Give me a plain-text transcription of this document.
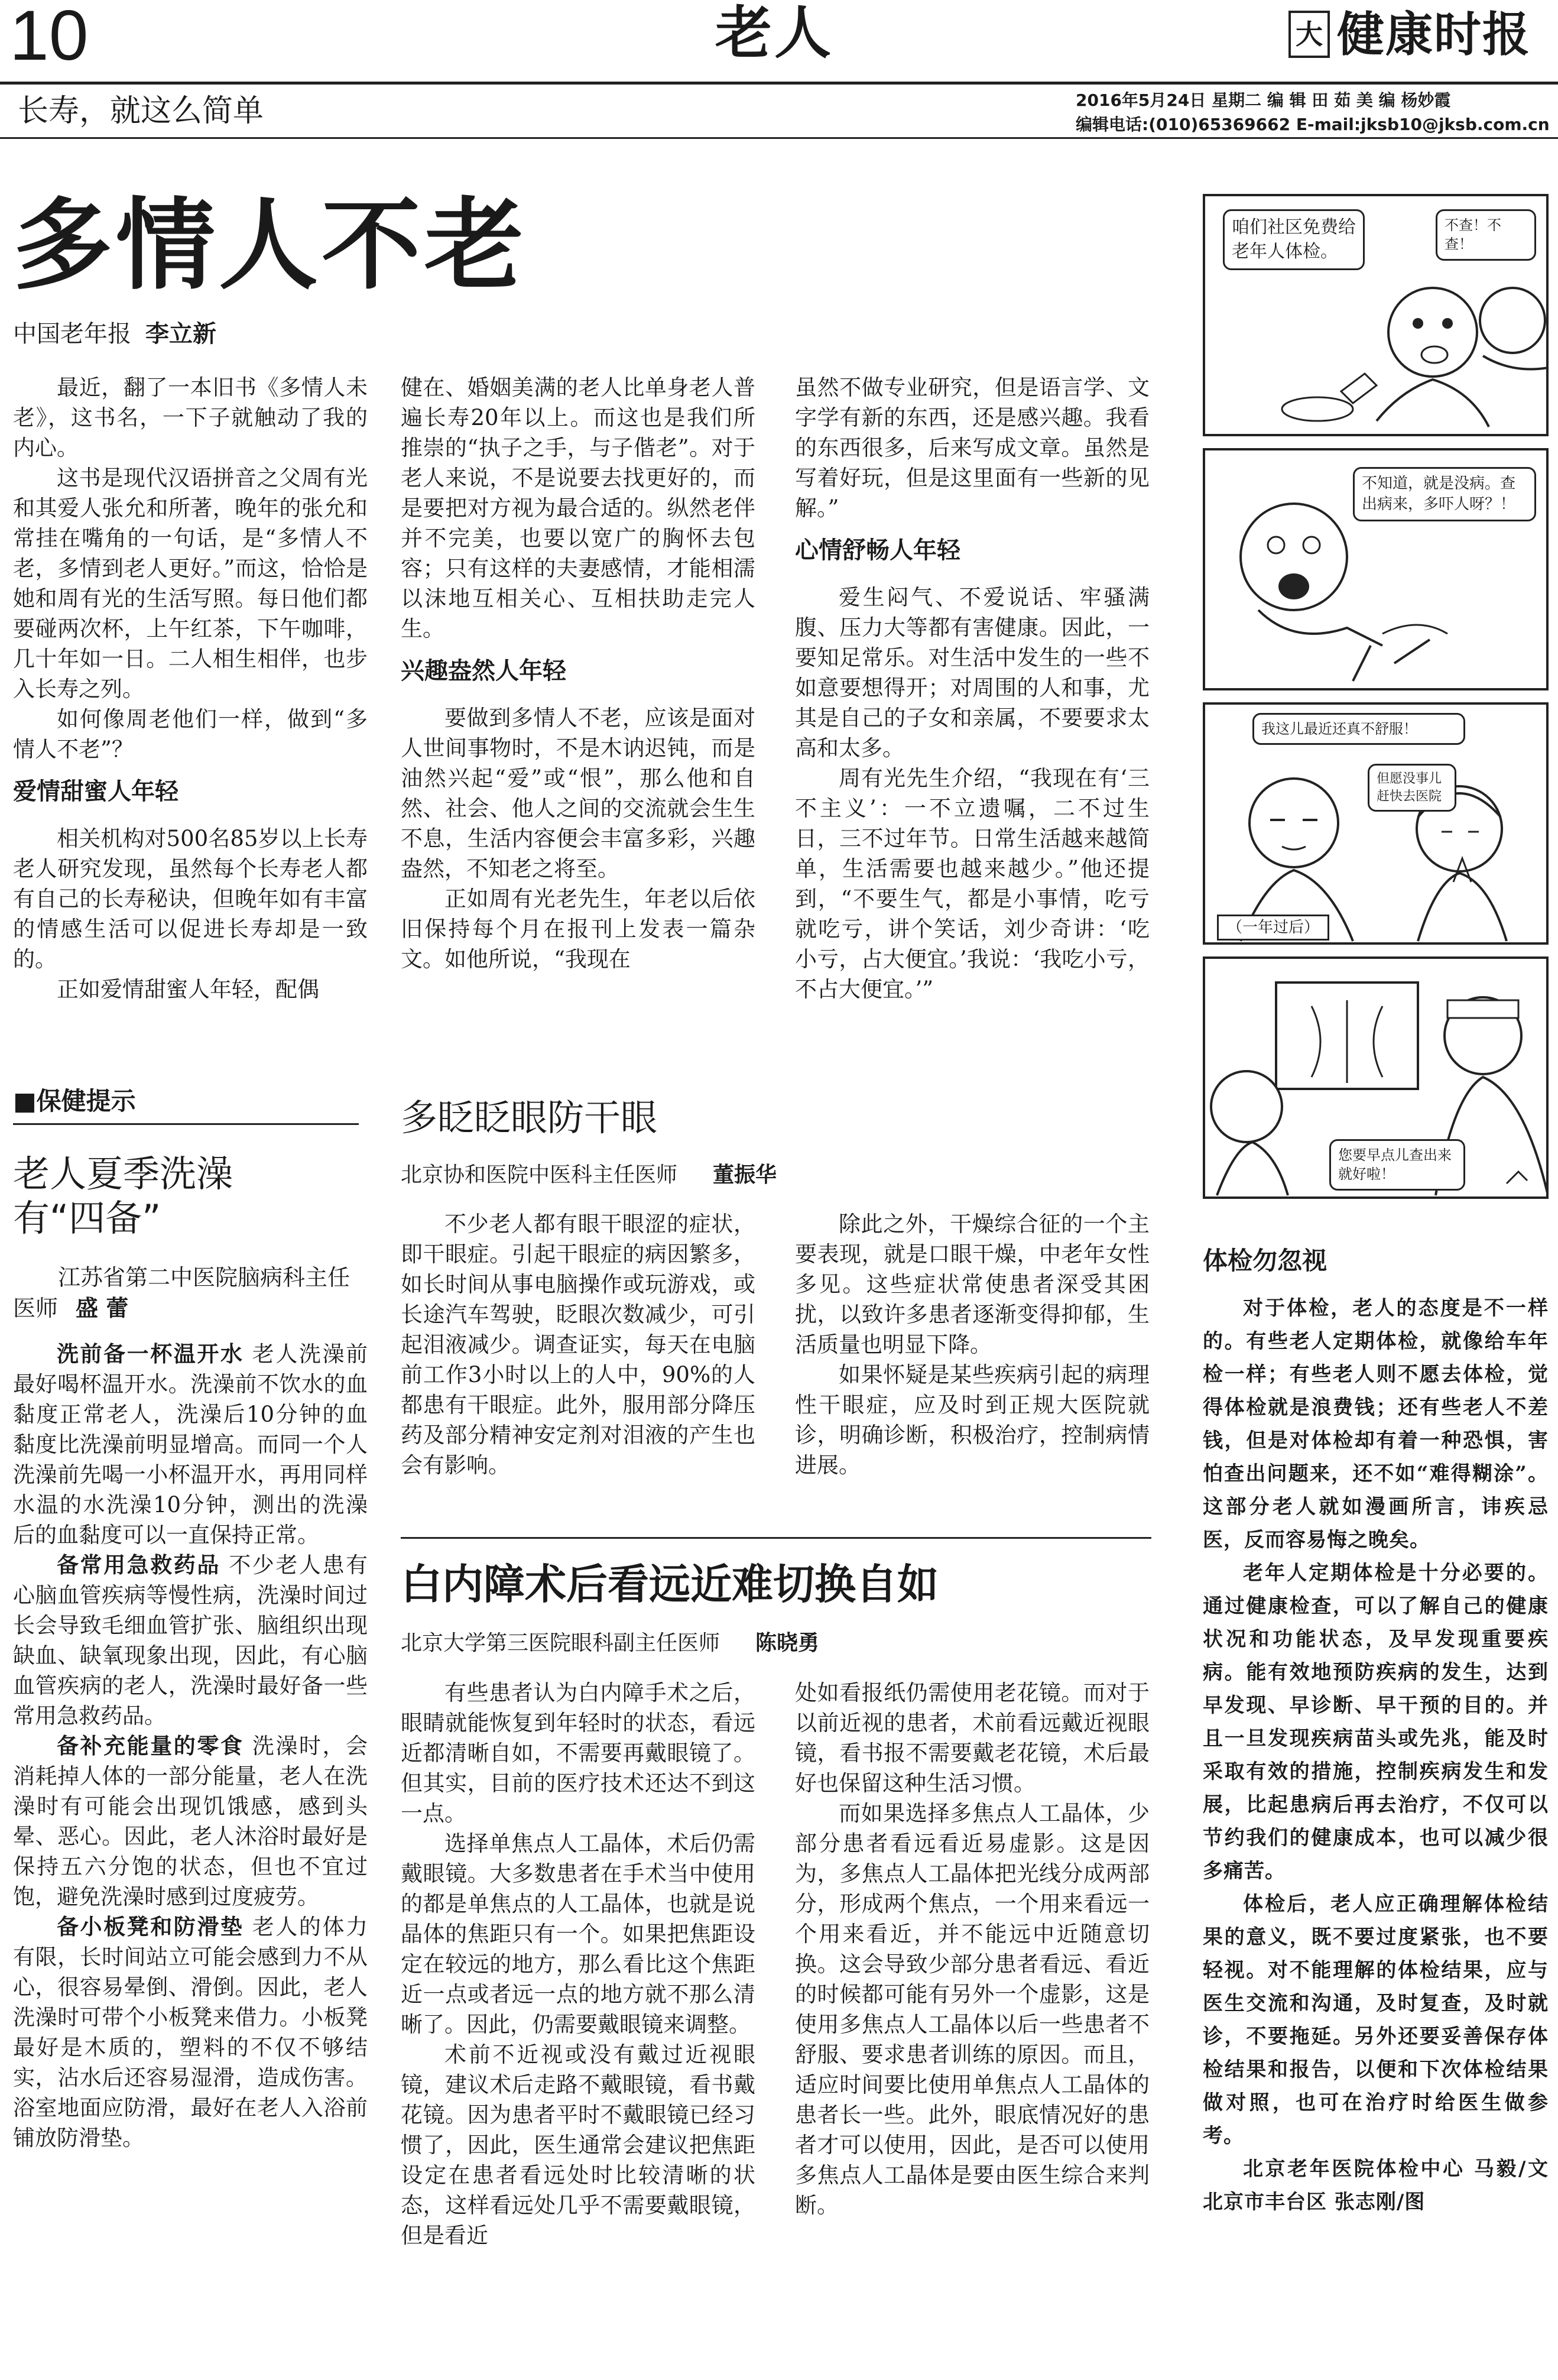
10	老人	大 健康时报
长寿，就这么简单	2016年5月24日 星期二 编 辑 田 茹 美 编 杨妙霞
编辑电话:(010)65369662 E-mail:jksb10@jksb.com.cn
多情人不老
中国老年报 李立新

最近，翻了一本旧书《多情人未老》，这书名，一下子就触动了我的内心。

这书是现代汉语拼音之父周有光和其爱人张允和所著，晚年的张允和常挂在嘴角的一句话，是“多情人不老，多情到老人更好。”而这，恰恰是她和周有光的生活写照。每日他们都要碰两次杯，上午红茶，下午咖啡，几十年如一日。二人相生相伴，也步入长寿之列。

如何像周老他们一样，做到“多情人不老”？

爱情甜蜜人年轻

相关机构对500名85岁以上长寿老人研究发现，虽然每个长寿老人都有自己的长寿秘诀，但晚年如有丰富的情感生活可以促进长寿却是一致的。

正如爱情甜蜜人年轻，配偶

健在、婚姻美满的老人比单身老人普遍长寿20年以上。而这也是我们所推崇的“执子之手，与子偕老”。对于老人来说，不是说要去找更好的，而是要把对方视为最合适的。纵然老伴并不完美，也要以宽广的胸怀去包容；只有这样的夫妻感情，才能相濡以沫地互相关心、互相扶助走完人生。

兴趣盎然人年轻

要做到多情人不老，应该是面对人世间事物时，不是木讷迟钝，而是油然兴起“爱”或“恨”，那么他和自然、社会、他人之间的交流就会生生不息，生活内容便会丰富多彩，兴趣盎然，不知老之将至。

正如周有光老先生，年老以后依旧保持每个月在报刊上发表一篇杂文。如他所说，“我现在

虽然不做专业研究，但是语言学、文字学有新的东西，还是感兴趣。我看的东西很多，后来写成文章。虽然是写着好玩，但是这里面有一些新的见解。”

心情舒畅人年轻

爱生闷气、不爱说话、牢骚满腹、压力大等都有害健康。因此，一要知足常乐。对生活中发生的一些不如意要想得开；对周围的人和事，尤其是自己的子女和亲属，不要要求太高和太多。

周有光先生介绍，“我现在有‘三不主义’：一不立遗嘱，二不过生日，三不过年节。日常生活越来越简单，生活需要也越来越少。”他还提到，“不要生气，都是小事情，吃亏就吃亏，讲个笑话，刘少奇讲：‘吃小亏，占大便宜。’我说：‘我吃小亏，不占大便宜。’”

■保健提示
老人夏季洗澡
有“四备”
江苏省第二中医院脑病科主任医师 盛 蕾

洗前备一杯温开水 老人洗澡前最好喝杯温开水。洗澡前不饮水的血黏度正常老人，洗澡后10分钟的血黏度比洗澡前明显增高。而同一个人洗澡前先喝一小杯温开水，再用同样水温的水洗澡10分钟，测出的洗澡后的血黏度可以一直保持正常。

备常用急救药品 不少老人患有心脑血管疾病等慢性病，洗澡时间过长会导致毛细血管扩张、脑组织出现缺血、缺氧现象出现，因此，有心脑血管疾病的老人，洗澡时最好备一些常用急救药品。

备补充能量的零食 洗澡时，会消耗掉人体的一部分能量，老人在洗澡时有可能会出现饥饿感，感到头晕、恶心。因此，老人沐浴时最好是保持五六分饱的状态，但也不宜过饱，避免洗澡时感到过度疲劳。

备小板凳和防滑垫 老人的体力有限，长时间站立可能会感到力不从心，很容易晕倒、滑倒。因此，老人洗澡时可带个小板凳来借力。小板凳最好是木质的，塑料的不仅不够结实，沾水后还容易湿滑，造成伤害。浴室地面应防滑，最好在老人入浴前铺放防滑垫。

多眨眨眼防干眼
北京协和医院中医科主任医师 董振华

不少老人都有眼干眼涩的症状，即干眼症。引起干眼症的病因繁多，如长时间从事电脑操作或玩游戏，或长途汽车驾驶，眨眼次数减少，可引起泪液减少。调查证实，每天在电脑前工作3小时以上的人中，90%的人都患有干眼症。此外，服用部分降压药及部分精神安定剂对泪液的产生也会有影响。

除此之外，干燥综合征的一个主要表现，就是口眼干燥，中老年女性多见。这些症状常使患者深受其困扰，以致许多患者逐渐变得抑郁，生活质量也明显下降。

如果怀疑是某些疾病引起的病理性干眼症，应及时到正规大医院就诊，明确诊断，积极治疗，控制病情进展。

白内障术后看远近难切换自如
北京大学第三医院眼科副主任医师 陈晓勇

有些患者认为白内障手术之后，眼睛就能恢复到年轻时的状态，看远近都清晰自如，不需要再戴眼镜了。但其实，目前的医疗技术还达不到这一点。

选择单焦点人工晶体，术后仍需戴眼镜。大多数患者在手术当中使用的都是单焦点的人工晶体，也就是说晶体的焦距只有一个。如果把焦距设定在较远的地方，那么看比这个焦距近一点或者远一点的地方就不那么清晰了。因此，仍需要戴眼镜来调整。

术前不近视或没有戴过近视眼镜，建议术后走路不戴眼镜，看书戴花镜。因为患者平时不戴眼镜已经习惯了，因此，医生通常会建议把焦距设定在患者看远处时比较清晰的状态，这样看远处几乎不需要戴眼镜，但是看近

处如看报纸仍需使用老花镜。而对于以前近视的患者，术前看远戴近视眼镜，看书报不需要戴老花镜，术后最好也保留这种生活习惯。

而如果选择多焦点人工晶体，少部分患者看远看近易虚影。这是因为，多焦点人工晶体把光线分成两部分，形成两个焦点，一个用来看远一个用来看近，并不能远中近随意切换。这会导致少部分患者看远、看近的时候都可能有另外一个虚影，这是使用多焦点人工晶体以后一些患者不舒服、要求患者训练的原因。而且，适应时间要比使用单焦点人工晶体的患者长一些。此外，眼底情况好的患者才可以使用，因此，是否可以使用多焦点人工晶体是要由医生综合来判断。

咱们社区免费给老年人体检。
不查！不查！
不知道，就是没病。查出病来，多吓人呀？！
我这儿最近还真不舒服！
但愿没事儿赶快去医院
（一年过后）
您要早点儿查出来就好啦！
体检勿忽视

对于体检，老人的态度是不一样的。有些老人定期体检，就像给车年检一样；有些老人则不愿去体检，觉得体检就是浪费钱；还有些老人不差钱，但是对体检却有着一种恐惧，害怕查出问题来，还不如“难得糊涂”。这部分老人就如漫画所言，讳疾忌医，反而容易悔之晚矣。

老年人定期体检是十分必要的。通过健康检查，可以了解自己的健康状况和功能状态，及早发现重要疾病。能有效地预防疾病的发生，达到早发现、早诊断、早干预的目的。并且一旦发现疾病苗头或先兆，能及时采取有效的措施，控制疾病发生和发展，比起患病后再去治疗，不仅可以节约我们的健康成本，也可以减少很多痛苦。

体检后，老人应正确理解体检结果的意义，既不要过度紧张，也不要轻视。对不能理解的体检结果，应与医生交流和沟通，及时复查，及时就诊，不要拖延。另外还要妥善保存体检结果和报告，以便和下次体检结果做对照，也可在治疗时给医生做参考。

北京老年医院体检中心 马毅/文 北京市丰台区 张志刚/图
